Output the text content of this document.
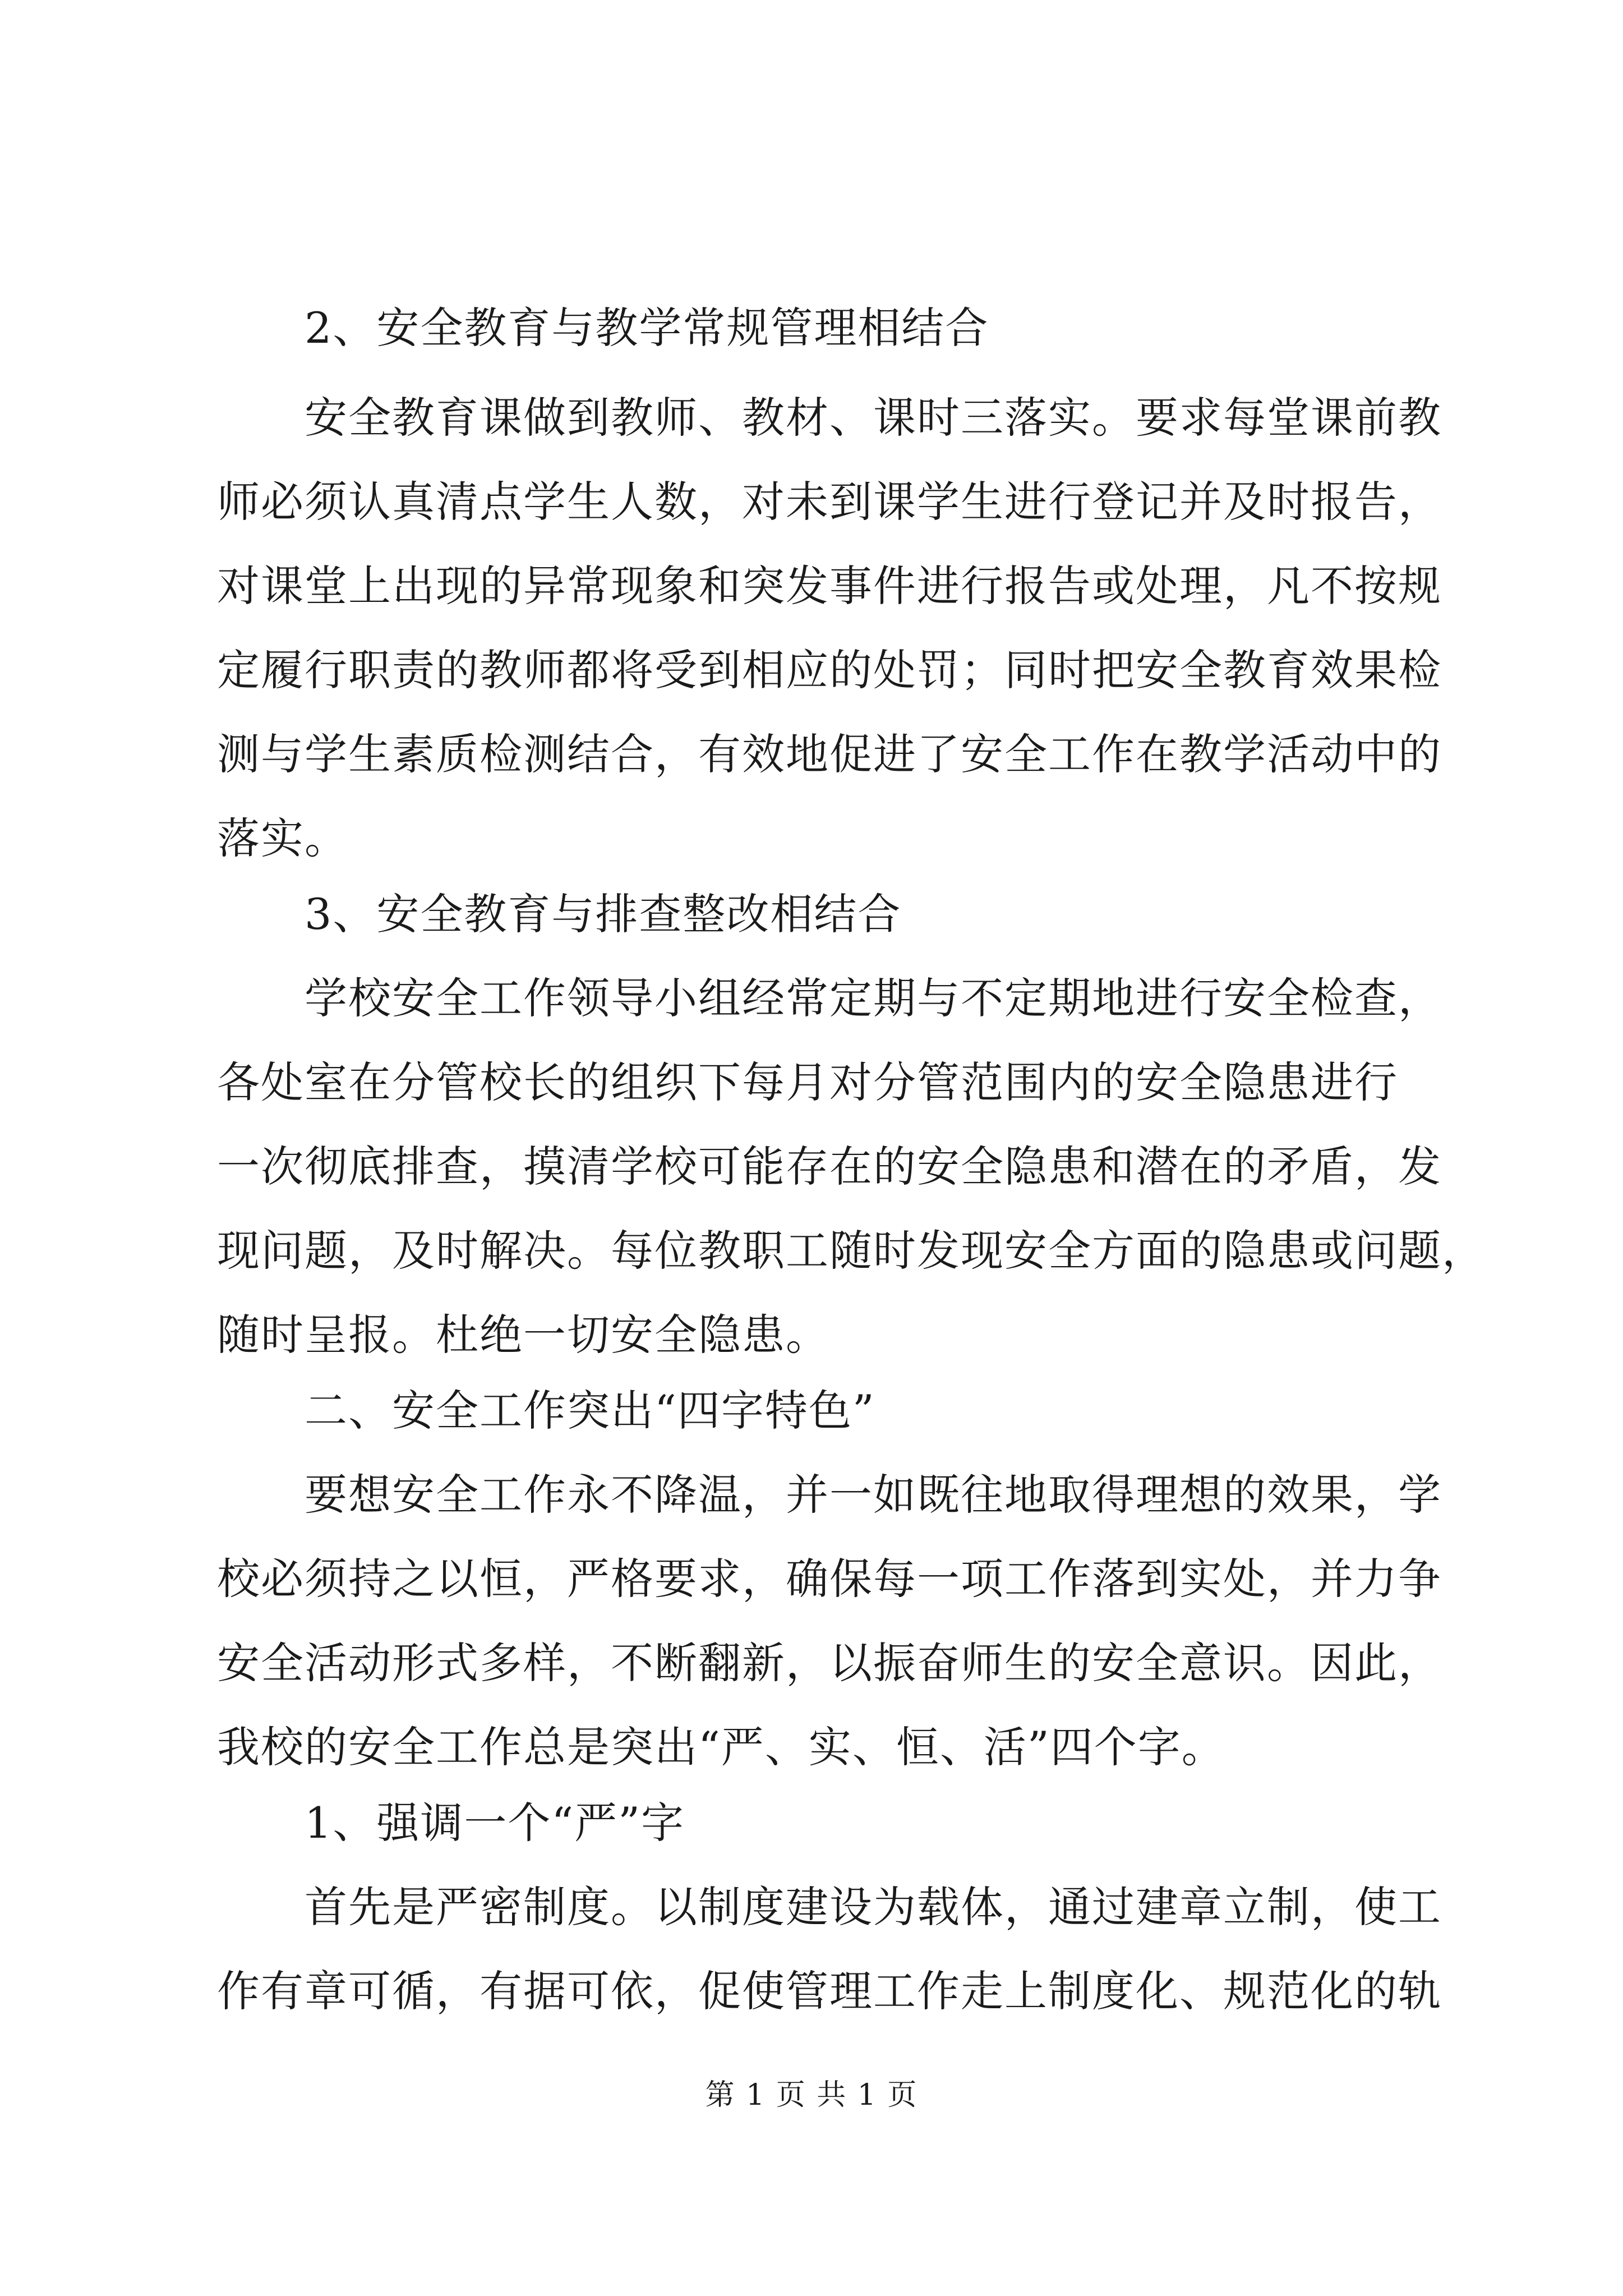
2、安全教育与教学常规管理相结合
安全教育课做到教师、教材、课时三落实。要求每堂课前教
师必须认真清点学生人数，对未到课学生进行登记并及时报告，
对课堂上出现的异常现象和突发事件进行报告或处理，凡不按规
定履行职责的教师都将受到相应的处罚；同时把安全教育效果检
测与学生素质检测结合，有效地促进了安全工作在教学活动中的
落实。
3、安全教育与排查整改相结合
学校安全工作领导小组经常定期与不定期地进行安全检查，
各处室在分管校长的组织下每月对分管范围内的安全隐患进行
一次彻底排查，摸清学校可能存在的安全隐患和潜在的矛盾，发
现问题，及时解决。每位教职工随时发现安全方面的隐患或问题，
随时呈报。杜绝一切安全隐患。
二、安全工作突出“四字特色”
要想安全工作永不降温，并一如既往地取得理想的效果，学
校必须持之以恒，严格要求，确保每一项工作落到实处，并力争
安全活动形式多样，不断翻新，以振奋师生的安全意识。因此，
我校的安全工作总是突出“严、实、恒、活”四个字。
1、强调一个“严”字
首先是严密制度。以制度建设为载体，通过建章立制，使工
作有章可循，有据可依，促使管理工作走上制度化、规范化的轨
第 1 页 共 1 页
